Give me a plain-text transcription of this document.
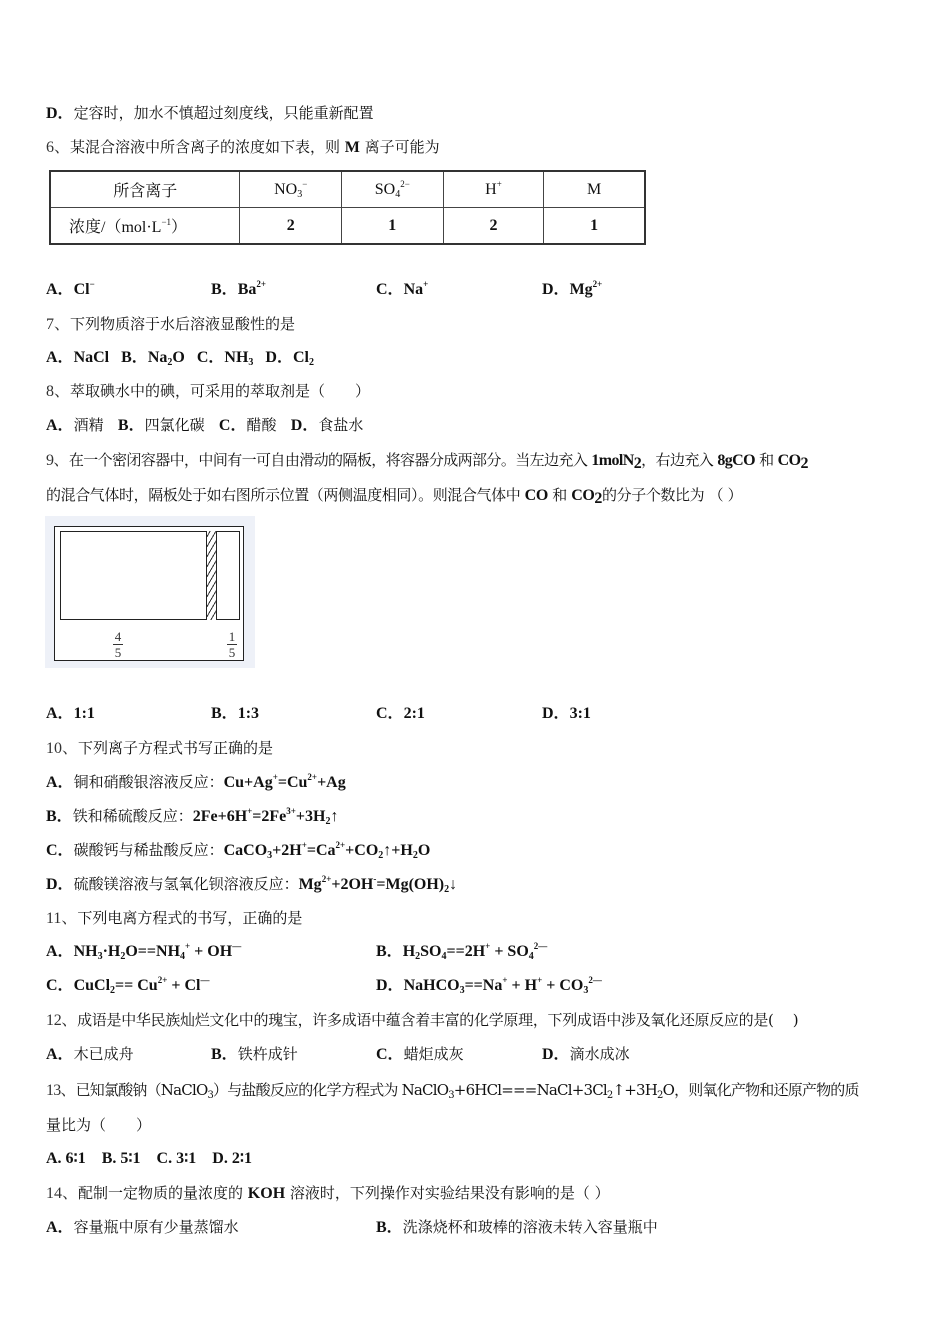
D．定容时，加水不慎超过刻度线，只能重新配置
6、某混合溶液中所含离子的浓度如下表，则 M 离子可能为
所含离子	$NO_3^-$	$SO_4^{2-}$	H+	M
浓度$/(mol\cdot L^{-1})$	2	1	2	1
A．Cl−	B．$Ba^{2+}$	C．Na+	D．$Mg^{2+}$
7、下列物质溶于水后溶液显酸性的是
A．NaCl B．$Na_2O$ C．$NH_3$ D．$Cl_2$
8、萃取碘水中的碘，可采用的萃取剂是（　　）
A．酒精 B．四氯化碳 C．醋酸 D．食盐水
9、在一个密闭容器中，中间有一可自由滑动的隔板，将容器分成两部分。当左边充入 1molN$_2$，右边充入 8gCO 和 $CO_2$
的混合气体时，隔板处于如右图所示位置（两侧温度相同）。则混合气体中 CO 和 $CO_2$的分子个数比为 （ ）
4
5
1
5
A．1:1	B．1:3	C．2:1	D．3:1
10、下列离子方程式书写正确的是
A．铜和硝酸银溶液反应：$Cu+Ag^+=Cu^{2+}+Ag$
B．铁和稀硫酸反应：$2Fe+6H^+=2Fe^{3+}+3H_2↑$
C．碳酸钙与稀盐酸反应：$CaCO_3+2H^+=Ca^{2+}+CO_2↑+H_2O$
D．硫酸镁溶液与氢氧化钡溶液反应：$Mg^{2+}+2OH^-=Mg(OH)_2↓$
11、下列电离方程式的书写，正确的是
A．$NH_3\cdot H_2O==NH_4^+ + OH^—$	B．$H_2SO_4==2H^+ + SO_4^{2—}$
C．CuCl$_2$== $Cu^{2+} + Cl^—$	D．NaHCO$_3$==Na+ + $H^+ + CO_3^{2—}$
12、成语是中华民族灿烂文化中的瑰宝，许多成语中蕴含着丰富的化学原理，下列成语中涉及氧化还原反应的是(　 )
A．木已成舟	B．铁杵成针	C．蜡炬成灰	D．滴水成冰
13、已知氯酸钠（NaClO$_3$）与盐酸反应的化学方程式为 $NaClO_3+6HCl===NaCl+3Cl_2↑+3H_2O$，则氧化产物和还原产物的质
量比为（　　）
A. 6∶1　B. 5∶1　C. 3∶1　D. 2∶1
14、配制一定物质的量浓度的 KOH 溶液时，下列操作对实验结果没有影响的是（ ）
A．容量瓶中原有少量蒸馏水	B．洗涤烧杯和玻棒的溶液未转入容量瓶中
